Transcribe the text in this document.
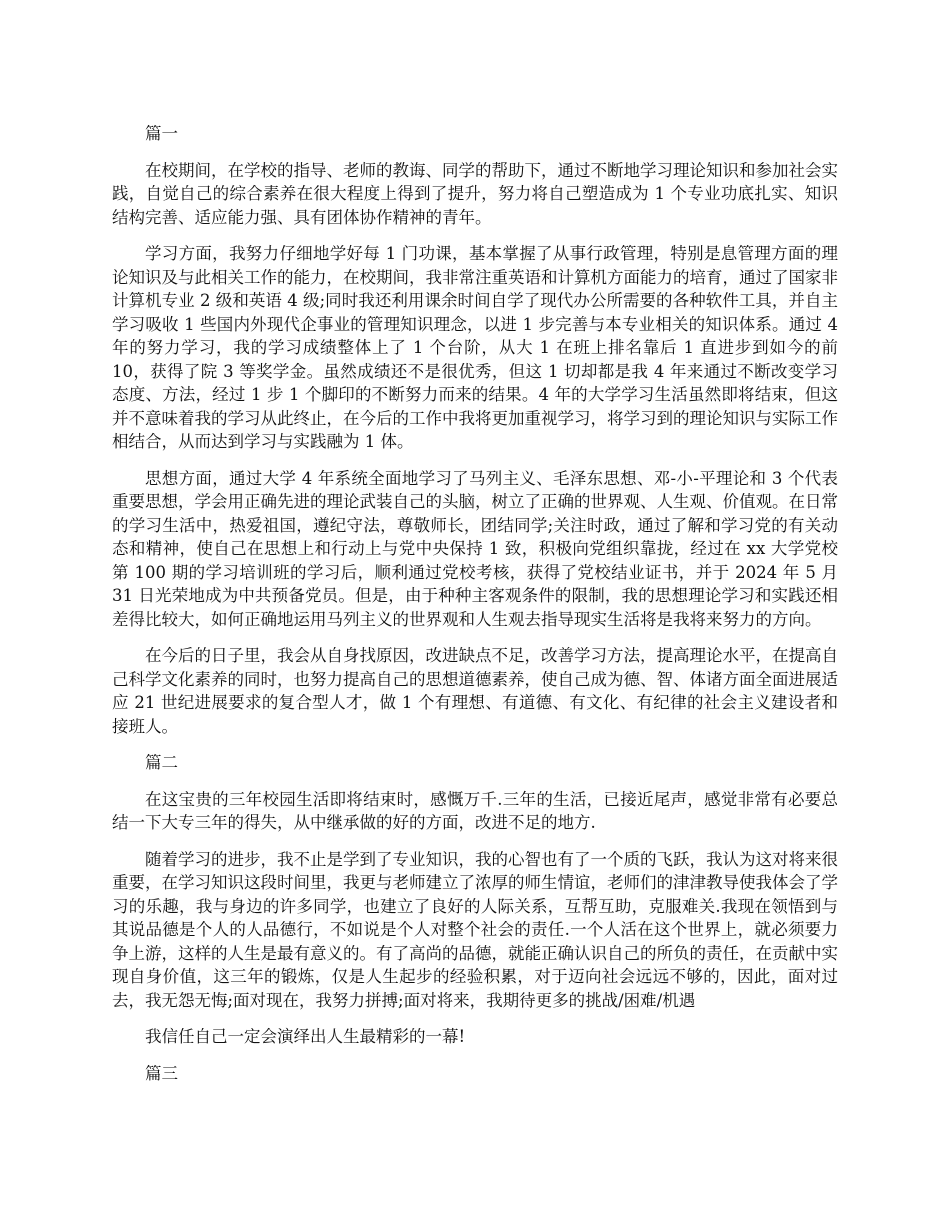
篇一

在校期间，在学校的指导、老师的教诲、同学的帮助下，通过不断地学习理论知识和参加社会实践，自觉自己的综合素养在很大程度上得到了提升，努力将自己塑造成为 1 个专业功底扎实、知识结构完善、适应能力强、具有团体协作精神的青年。

学习方面，我努力仔细地学好每 1 门功课，基本掌握了从事行政管理，特别是息管理方面的理论知识及与此相关工作的能力，在校期间，我非常注重英语和计算机方面能力的培育，通过了国家非计算机专业 2 级和英语 4 级;同时我还利用课余时间自学了现代办公所需要的各种软件工具，并自主学习吸收 1 些国内外现代企事业的管理知识理念，以进 1 步完善与本专业相关的知识体系。通过 4 年的努力学习，我的学习成绩整体上了 1 个台阶，从大 1 在班上排名靠后 1 直进步到如今的前 10，获得了院 3 等奖学金。虽然成绩还不是很优秀，但这 1 切却都是我 4 年来通过不断改变学习态度、方法，经过 1 步 1 个脚印的不断努力而来的结果。4 年的大学学习生活虽然即将结束，但这并不意味着我的学习从此终止，在今后的工作中我将更加重视学习，将学习到的理论知识与实际工作相结合，从而达到学习与实践融为 1 体。

思想方面，通过大学 4 年系统全面地学习了马列主义、毛泽东思想、邓-小-平理论和 3 个代表重要思想，学会用正确先进的理论武装自己的头脑，树立了正确的世界观、人生观、价值观。在日常的学习生活中，热爱祖国，遵纪守法，尊敬师长，团结同学;关注时政，通过了解和学习党的有关动态和精神，使自己在思想上和行动上与党中央保持 1 致，积极向党组织靠拢，经过在 xx 大学党校第 100 期的学习培训班的学习后，顺利通过党校考核，获得了党校结业证书，并于 2024 年 5 月 31 日光荣地成为中共预备党员。但是，由于种种主客观条件的限制，我的思想理论学习和实践还相差得比较大，如何正确地运用马列主义的世界观和人生观去指导现实生活将是我将来努力的方向。

在今后的日子里，我会从自身找原因，改进缺点不足，改善学习方法，提高理论水平，在提高自己科学文化素养的同时，也努力提高自己的思想道德素养，使自己成为德、智、体诸方面全面进展适应 21 世纪进展要求的复合型人才，做 1 个有理想、有道德、有文化、有纪律的社会主义建设者和接班人。

篇二

在这宝贵的三年校园生活即将结束时，感慨万千.三年的生活，已接近尾声，感觉非常有必要总结一下大专三年的得失，从中继承做的好的方面，改进不足的地方.

随着学习的进步，我不止是学到了专业知识，我的心智也有了一个质的飞跃，我认为这对将来很重要，在学习知识这段时间里，我更与老师建立了浓厚的师生情谊，老师们的津津教导使我体会了学习的乐趣，我与身边的许多同学，也建立了良好的人际关系，互帮互助，克服难关.我现在领悟到与其说品德是个人的人品德行，不如说是个人对整个社会的责任.一个人活在这个世界上，就必须要力争上游，这样的人生是最有意义的。有了高尚的品德，就能正确认识自己的所负的责任，在贡献中实现自身价值，这三年的锻炼，仅是人生起步的经验积累，对于迈向社会远远不够的，因此，面对过去，我无怨无悔;面对现在，我努力拼搏;面对将来，我期待更多的挑战/困难/机遇

我信任自己一定会演绎出人生最精彩的一幕!

篇三
